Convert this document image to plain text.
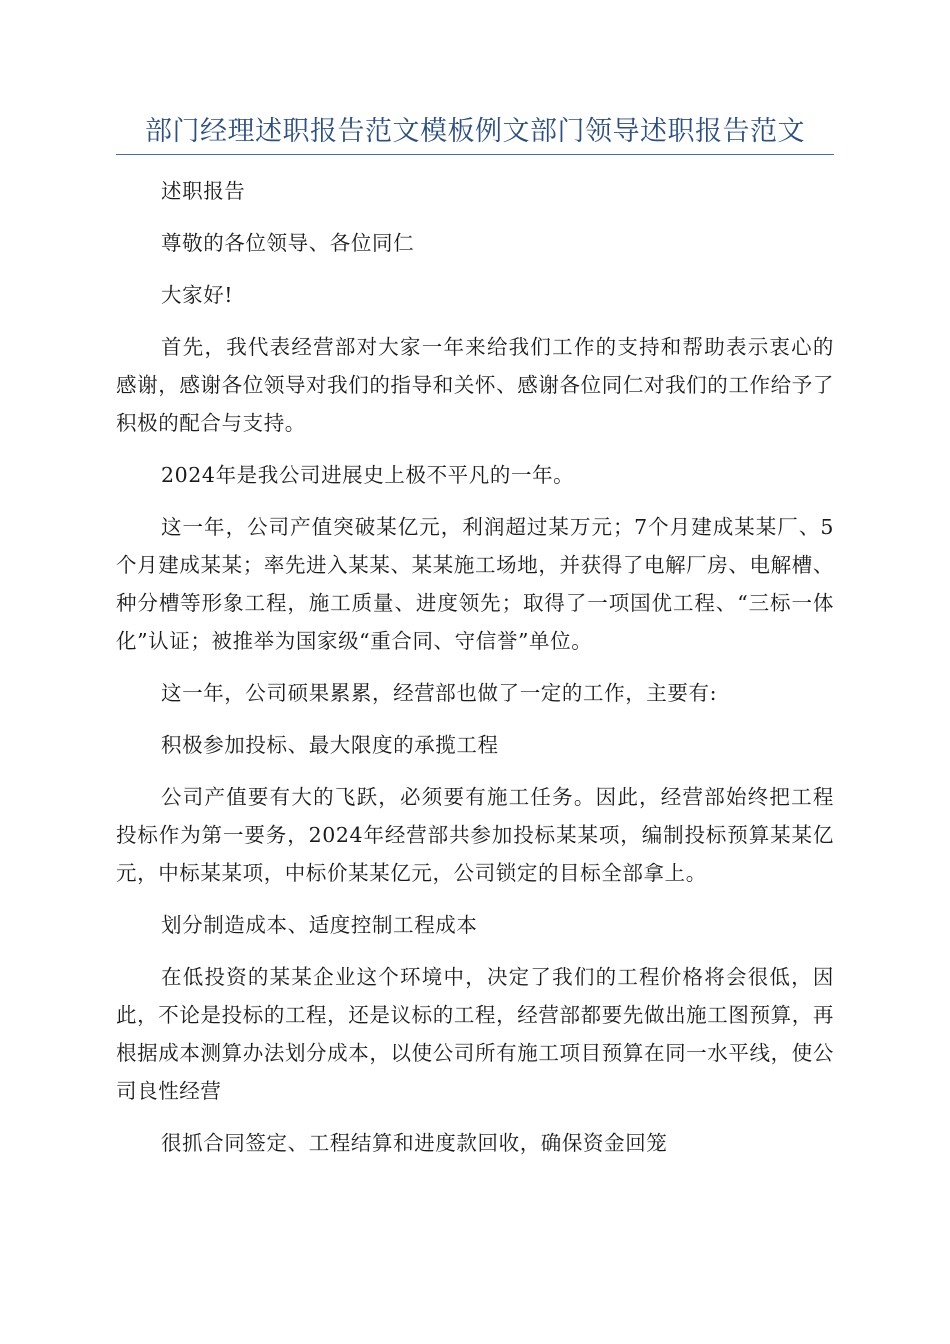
部门经理述职报告范文模板例文部门领导述职报告范文

述职报告

尊敬的各位领导、各位同仁

大家好!

首先，我代表经营部对大家一年来给我们工作的支持和帮助表示衷心的感谢，感谢各位领导对我们的指导和关怀、感谢各位同仁对我们的工作给予了积极的配合与支持。

2024年是我公司进展史上极不平凡的一年。

这一年，公司产值突破某亿元，利润超过某万元；7个月建成某某厂、5个月建成某某；率先进入某某、某某施工场地，并获得了电解厂房、电解槽、种分槽等形象工程，施工质量、进度领先；取得了一项国优工程、“三标一体化”认证；被推举为国家级“重合同、守信誉”单位。

这一年，公司硕果累累，经营部也做了一定的工作，主要有:

积极参加投标、最大限度的承揽工程

公司产值要有大的飞跃，必须要有施工任务。因此，经营部始终把工程投标作为第一要务，2024年经营部共参加投标某某项，编制投标预算某某亿元，中标某某项，中标价某某亿元，公司锁定的目标全部拿上。

划分制造成本、适度控制工程成本

在低投资的某某企业这个环境中，决定了我们的工程价格将会很低，因此，不论是投标的工程，还是议标的工程，经营部都要先做出施工图预算，再根据成本测算办法划分成本，以使公司所有施工项目预算在同一水平线，使公司良性经营

很抓合同签定、工程结算和进度款回收，确保资金回笼
